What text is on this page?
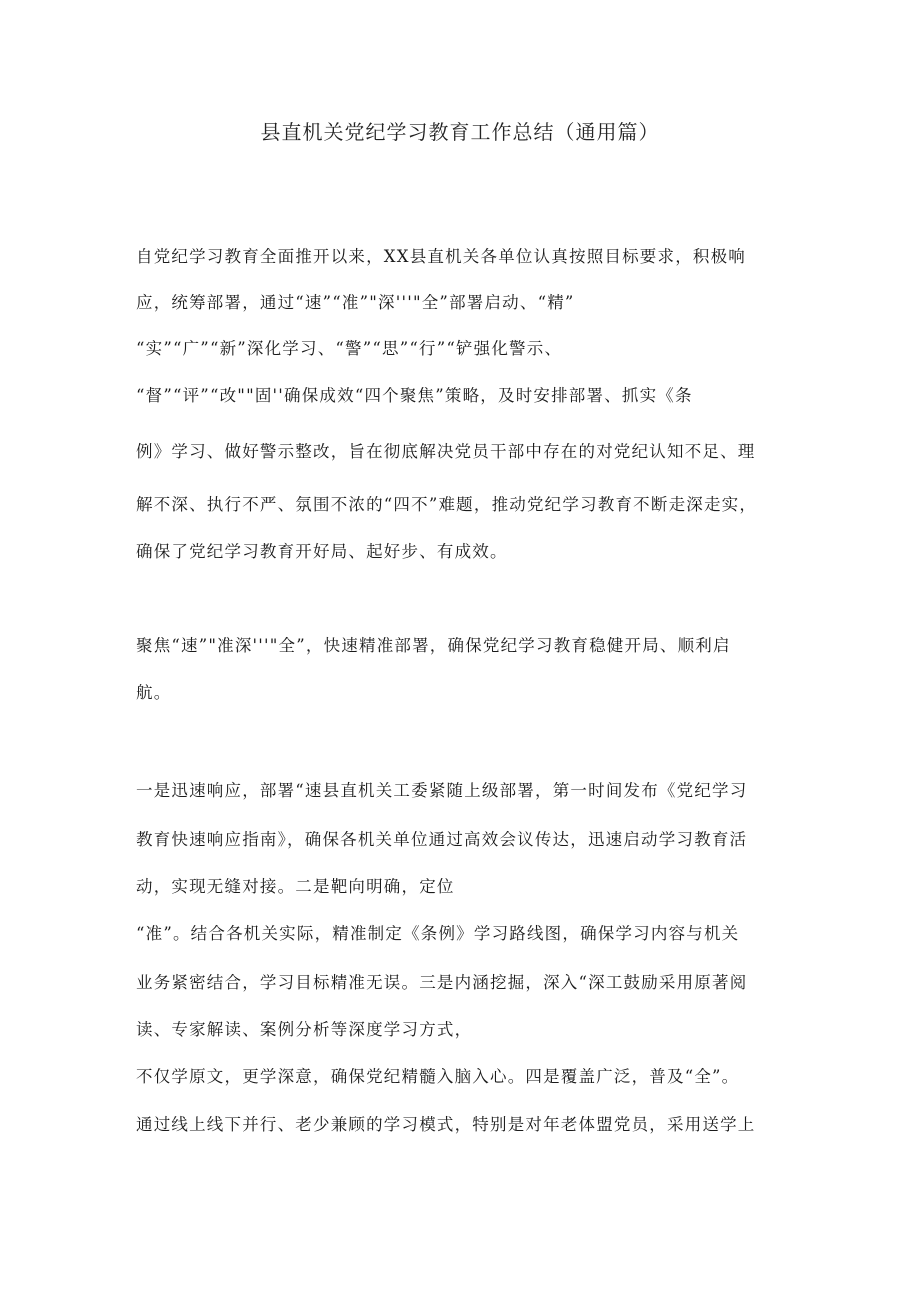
县直机关党纪学习教育工作总结（通用篇）
自党纪学习教育全面推开以来，XX县直机关各单位认真按照目标要求，积极响
应，统筹部署，通过“速”“准”"深'''"全”部署启动、“精”
“实”“广”“新”深化学习、“警”“思”“行”“铲强化警示、
“督”“评”“改""固''确保成效“四个聚焦”策略，及时安排部署、抓实《条
例》学习、做好警示整改，旨在彻底解决党员干部中存在的对党纪认知不足、理
解不深、执行不严、氛围不浓的“四不”难题，推动党纪学习教育不断走深走实，
确保了党纪学习教育开好局、起好步、有成效。
聚焦“速”"准深'''"全”，快速精准部署，确保党纪学习教育稳健开局、顺利启
航。
一是迅速响应，部署“速县直机关工委紧随上级部署，第一时间发布《党纪学习
教育快速响应指南》，确保各机关单位通过高效会议传达，迅速启动学习教育活
动，实现无缝对接。二是靶向明确，定位
“准”。结合各机关实际，精准制定《条例》学习路线图，确保学习内容与机关
业务紧密结合，学习目标精准无误。三是内涵挖掘，深入“深工鼓励采用原著阅
读、专家解读、案例分析等深度学习方式，
不仅学原文，更学深意，确保党纪精髓入脑入心。四是覆盖广泛，普及“全”。
通过线上线下并行、老少兼顾的学习模式，特别是对年老体盟党员，采用送学上
